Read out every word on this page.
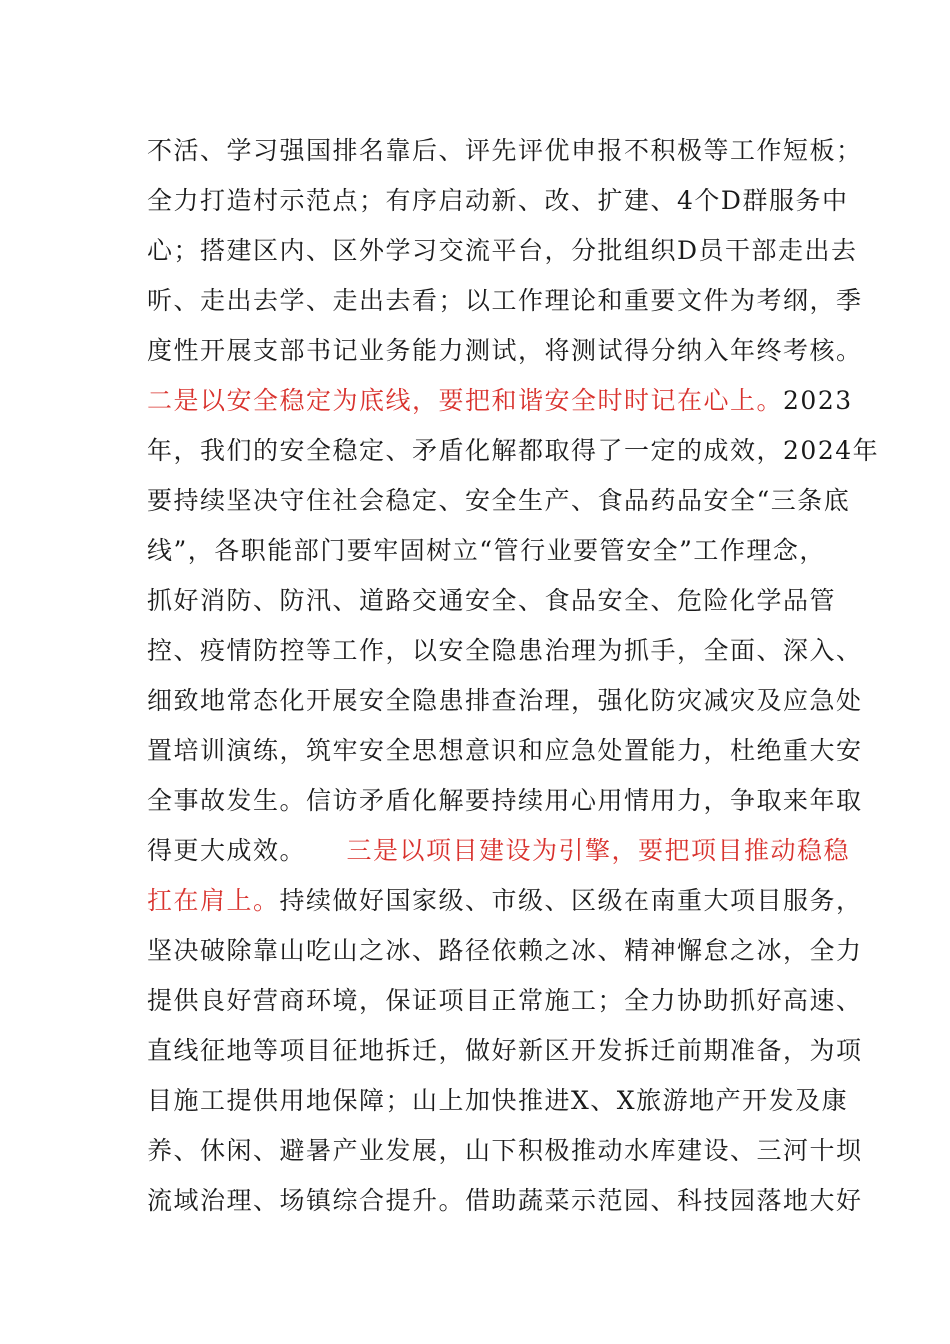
不活、学习强国排名靠后、评先评优申报不积极等工作短板；
全力打造村示范点；有序启动新、改、扩建、4个D群服务中
心；搭建区内、区外学习交流平台，分批组织D员干部走出去
听、走出去学、走出去看；以工作理论和重要文件为考纲，季
度性开展支部书记业务能力测试，将测试得分纳入年终考核。
二是以安全稳定为底线，要把和谐安全时时记在心上。2023
年，我们的安全稳定、矛盾化解都取得了一定的成效，2024年
要持续坚决守住社会稳定、安全生产、食品药品安全“三条底
线”，各职能部门要牢固树立“管行业要管安全”工作理念，
抓好消防、防汛、道路交通安全、食品安全、危险化学品管
控、疫情防控等工作，以安全隐患治理为抓手，全面、深入、
细致地常态化开展安全隐患排查治理，强化防灾减灾及应急处
置培训演练，筑牢安全思想意识和应急处置能力，杜绝重大安
全事故发生。信访矛盾化解要持续用心用情用力，争取来年取
得更大成效。　　三是以项目建设为引擎，要把项目推动稳稳
扛在肩上。持续做好国家级、市级、区级在南重大项目服务，
坚决破除靠山吃山之冰、路径依赖之冰、精神懈怠之冰，全力
提供良好营商环境，保证项目正常施工；全力协助抓好高速、
直线征地等项目征地拆迁，做好新区开发拆迁前期准备，为项
目施工提供用地保障；山上加快推进X、X旅游地产开发及康
养、休闲、避暑产业发展，山下积极推动水库建设、三河十坝
流域治理、场镇综合提升。借助蔬菜示范园、科技园落地大好
